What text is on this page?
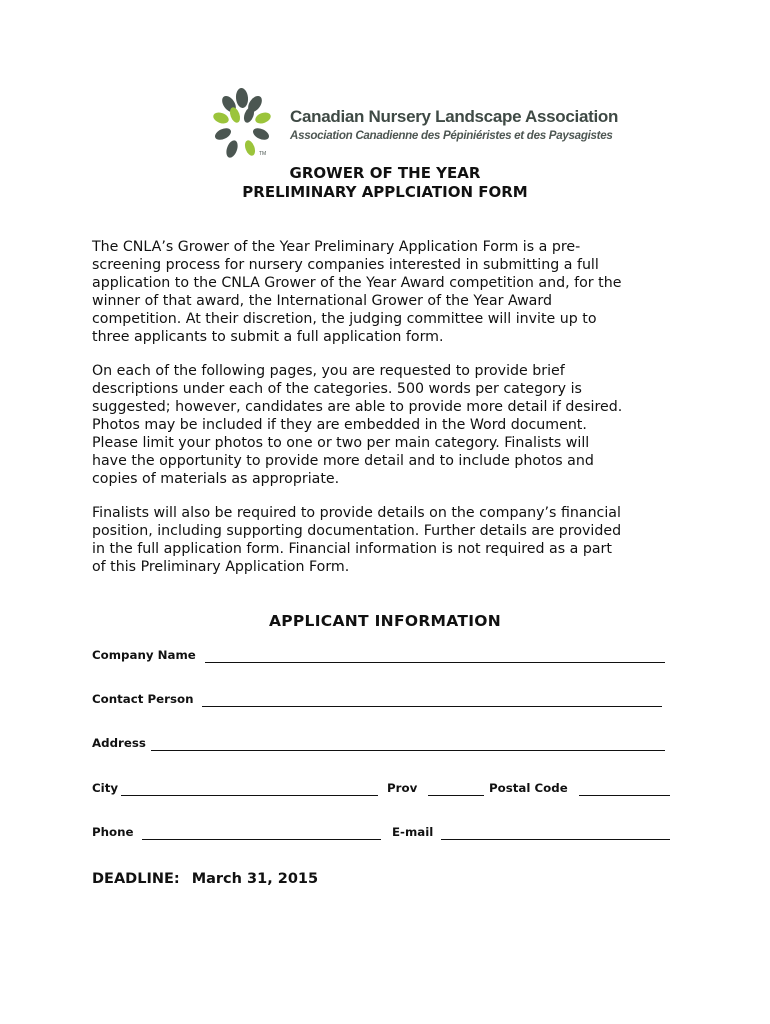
TM
Canadian Nursery Landscape Association
Association Canadienne des Pépiniéristes et des Paysagistes
GROWER OF THE YEAR
PRELIMINARY APPLCIATION FORM
The CNLA’s Grower of the Year Preliminary Application Form is a pre-
screening process for nursery companies interested in submitting a full
application to the CNLA Grower of the Year Award competition and, for the
winner of that award, the International Grower of the Year Award
competition. At their discretion, the judging committee will invite up to
three applicants to submit a full application form.
On each of the following pages, you are requested to provide brief
descriptions under each of the categories. 500 words per category is
suggested; however, candidates are able to provide more detail if desired.
Photos may be included if they are embedded in the Word document.
Please limit your photos to one or two per main category. Finalists will
have the opportunity to provide more detail and to include photos and
copies of materials as appropriate.
Finalists will also be required to provide details on the company’s financial
position, including supporting documentation. Further details are provided
in the full application form. Financial information is not required as a part
of this Preliminary Application Form.
APPLICANT INFORMATION
Company Name
Contact Person
Address
City	Prov	Postal Code
Phone	E-mail
DEADLINE: March 31, 2015
